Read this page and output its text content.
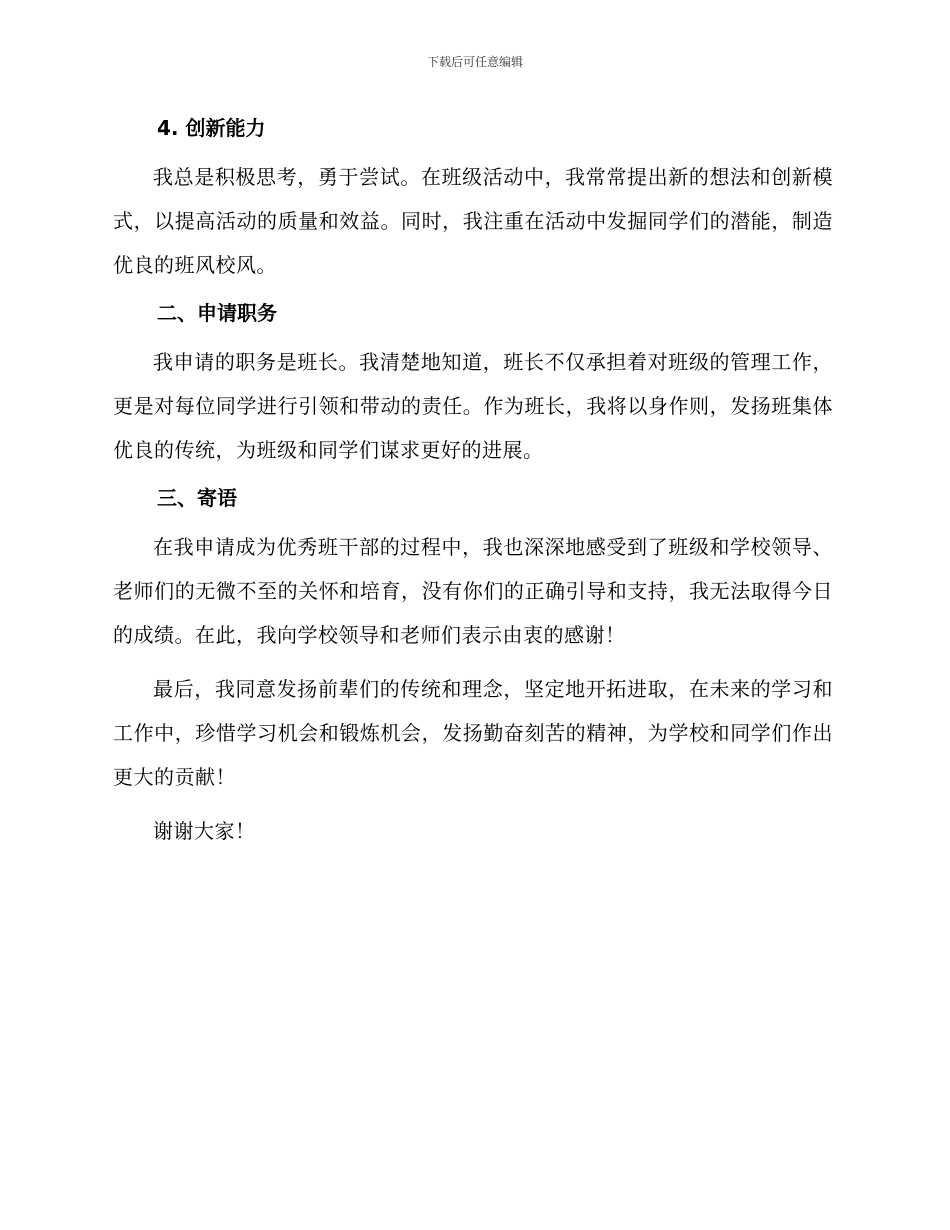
下载后可任意编辑
4. 创新能力

我总是积极思考，勇于尝试。在班级活动中，我常常提出新的想法和创新模式，以提高活动的质量和效益。同时，我注重在活动中发掘同学们的潜能，制造优良的班风校风。

二、申请职务

我申请的职务是班长。我清楚地知道，班长不仅承担着对班级的管理工作，更是对每位同学进行引领和带动的责任。作为班长，我将以身作则，发扬班集体优良的传统，为班级和同学们谋求更好的进展。

三、寄语

在我申请成为优秀班干部的过程中，我也深深地感受到了班级和学校领导、老师们的无微不至的关怀和培育，没有你们的正确引导和支持，我无法取得今日的成绩。在此，我向学校领导和老师们表示由衷的感谢！

最后，我同意发扬前辈们的传统和理念，坚定地开拓进取，在未来的学习和工作中，珍惜学习机会和锻炼机会，发扬勤奋刻苦的精神，为学校和同学们作出更大的贡献！

谢谢大家！
